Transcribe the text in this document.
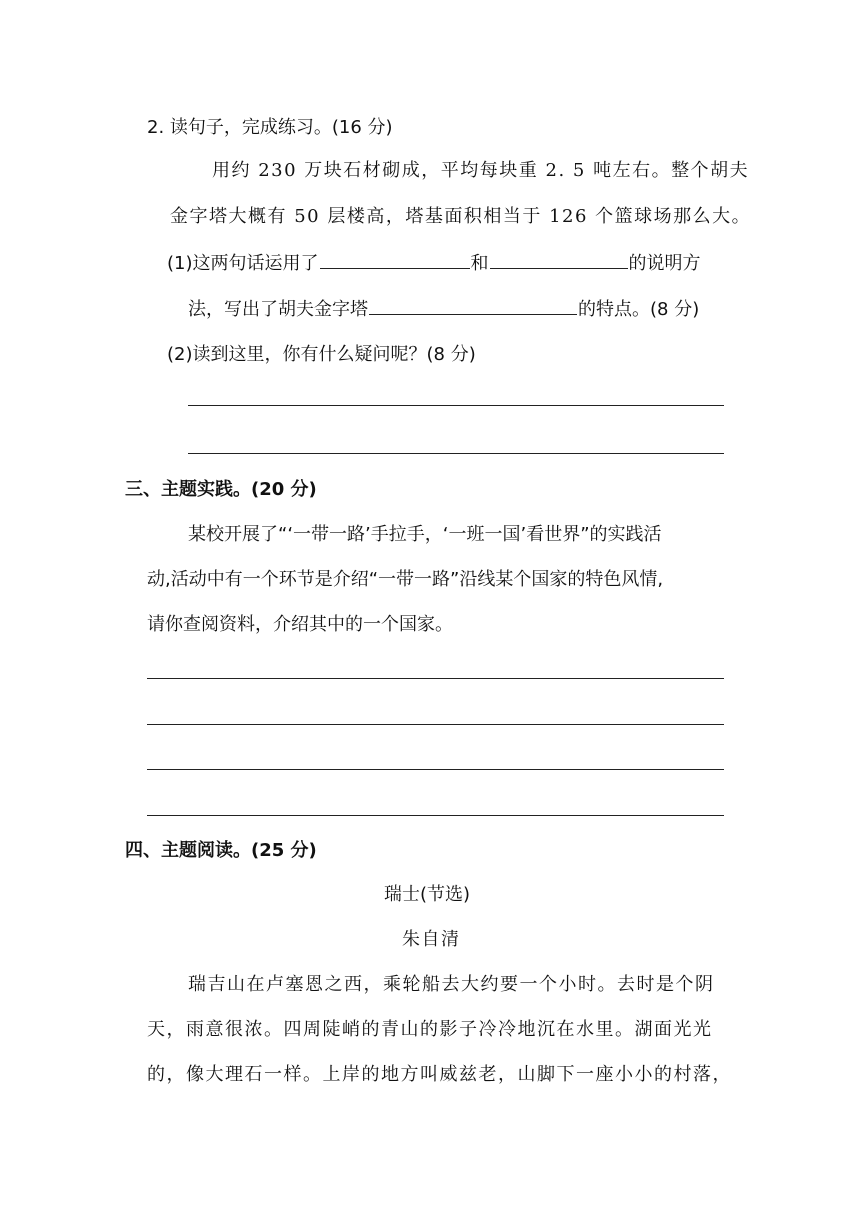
2. 读句子，完成练习。(16 分)
用约 230 万块石材砌成，平均每块重 2. 5 吨左右。整个胡夫
金字塔大概有 50 层楼高，塔基面积相当于 126 个篮球场那么大。
(1)这两句话运用了	和	的说明方
法，写出了胡夫金字塔	的特点。(8 分)
(2)读到这里，你有什么疑问呢？(8 分)
三、主题实践。(20 分)
某校开展了“‘一带一路’手拉手，‘一班一国’看世界”的实践活
动,活动中有一个环节是介绍“一带一路”沿线某个国家的特色风情,
请你查阅资料，介绍其中的一个国家。
四、主题阅读。(25 分)
瑞士(节选)
朱自清
瑞吉山在卢塞恩之西，乘轮船去大约要一个小时。去时是个阴
天，雨意很浓。四周陡峭的青山的影子冷冷地沉在水里。湖面光光
的，像大理石一样。上岸的地方叫威兹老，山脚下一座小小的村落，
